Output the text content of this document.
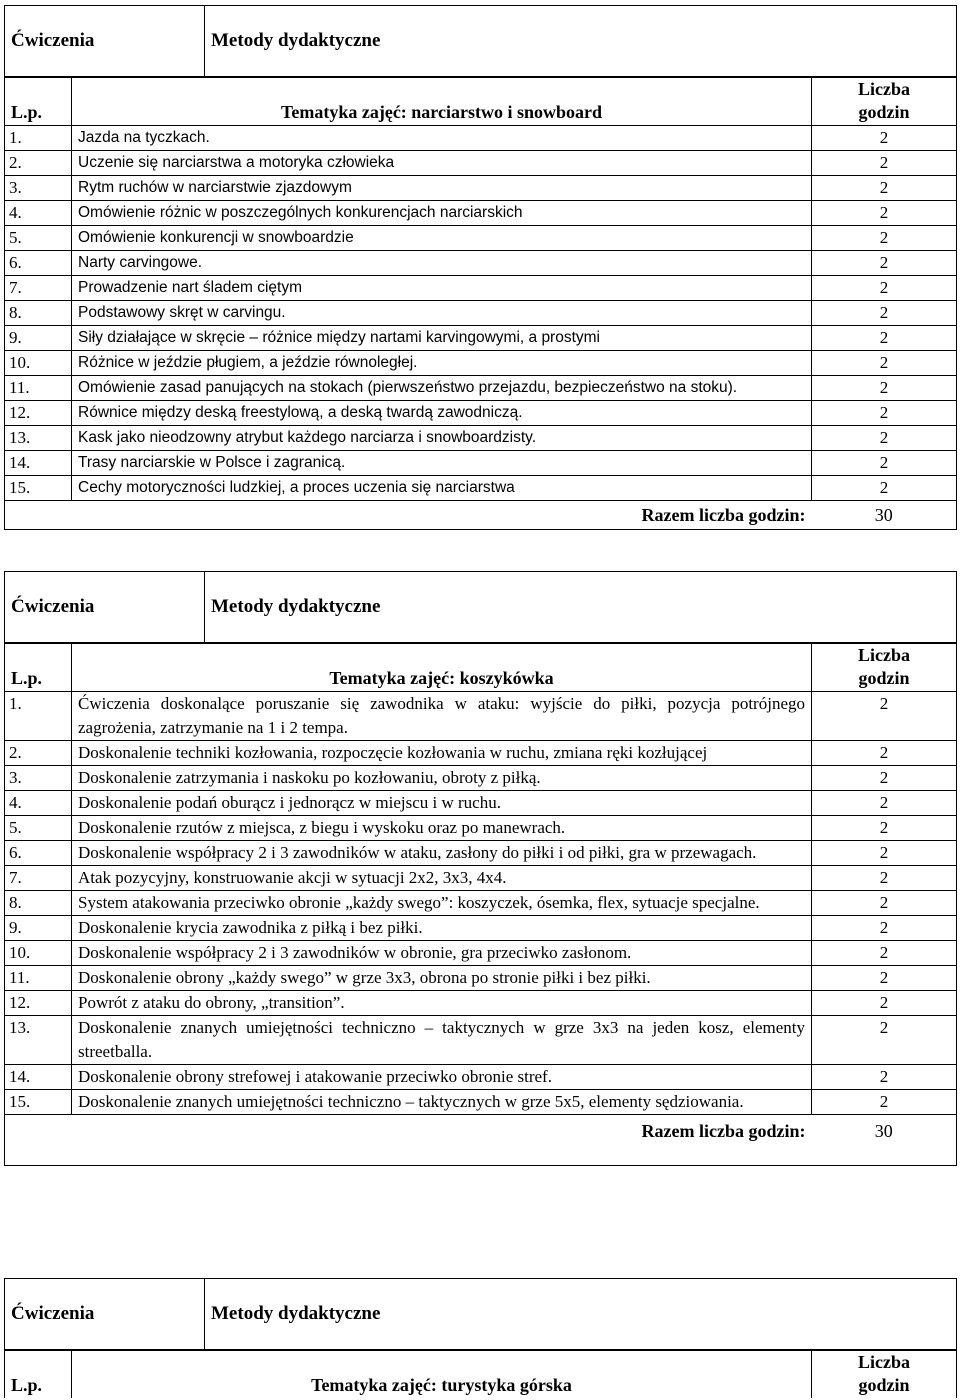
Ćwiczenia	Metody dydaktyczne
L.p.	Tematyka zajęć: narciarstwo i snowboard	Liczba
godzin
1.	Jazda na tyczkach.	2
2.	Uczenie się narciarstwa a motoryka człowieka	2
3.	Rytm ruchów w narciarstwie zjazdowym	2
4.	Omówienie różnic w poszczególnych konkurencjach narciarskich	2
5.	Omówienie konkurencji w snowboardzie	2
6.	Narty carvingowe.	2
7.	Prowadzenie nart śladem ciętym	2
8.	Podstawowy skręt w carvingu.	2
9.	Siły działające w skręcie – różnice między nartami karvingowymi, a prostymi	2
10.	Różnice w jeździe pługiem, a jeździe równoległej.	2
11.	Omówienie zasad panujących na stokach (pierwszeństwo przejazdu, bezpieczeństwo na stoku).	2
12.	Równice między deską freestylową, a deską twardą zawodniczą.	2
13.	Kask jako nieodzowny atrybut każdego narciarza i snowboardzisty.	2
14.	Trasy narciarskie w Polsce i zagranicą.	2
15.	Cechy motoryczności ludzkiej, a proces uczenia się narciarstwa	2
Razem liczba godzin:		30
Ćwiczenia	Metody dydaktyczne
L.p.	Tematyka zajęć: koszykówka	Liczba
godzin
1.	Ćwiczenia doskonalące poruszanie się zawodnika w ataku: wyjście do piłki, pozycja potrójnego zagrożenia, zatrzymanie na 1 i 2 tempa.	2
2.	Doskonalenie techniki kozłowania, rozpoczęcie kozłowania w ruchu, zmiana ręki kozłującej	2
3.	Doskonalenie zatrzymania i naskoku po kozłowaniu, obroty z piłką.	2
4.	Doskonalenie podań oburącz i jednorącz w miejscu i w ruchu.	2
5.	Doskonalenie rzutów z miejsca, z biegu i wyskoku oraz po manewrach.	2
6.	Doskonalenie współpracy 2 i 3 zawodników w ataku, zasłony do piłki i od piłki, gra w przewagach.	2
7.	Atak pozycyjny, konstruowanie akcji w sytuacji 2x2, 3x3, 4x4.	2
8.	System atakowania przeciwko obronie „każdy swego”: koszyczek, ósemka, flex, sytuacje specjalne.	2
9.	Doskonalenie krycia zawodnika z piłką i bez piłki.	2
10.	Doskonalenie współpracy 2 i 3 zawodników w obronie, gra przeciwko zasłonom.	2
11.	Doskonalenie obrony „każdy swego” w grze 3x3, obrona po stronie piłki i bez piłki.	2
12.	Powrót z ataku do obrony, „transition”.	2
13.	Doskonalenie znanych umiejętności techniczno – taktycznych w grze 3x3 na jeden kosz, elementy streetballa.	2
14.	Doskonalenie obrony strefowej i atakowanie przeciwko obronie stref.	2
15.	Doskonalenie znanych umiejętności techniczno – taktycznych w grze 5x5, elementy sędziowania.	2
Razem liczba godzin:		30
Ćwiczenia	Metody dydaktyczne
L.p.	Tematyka zajęć: turystyka górska	Liczba
godzin
